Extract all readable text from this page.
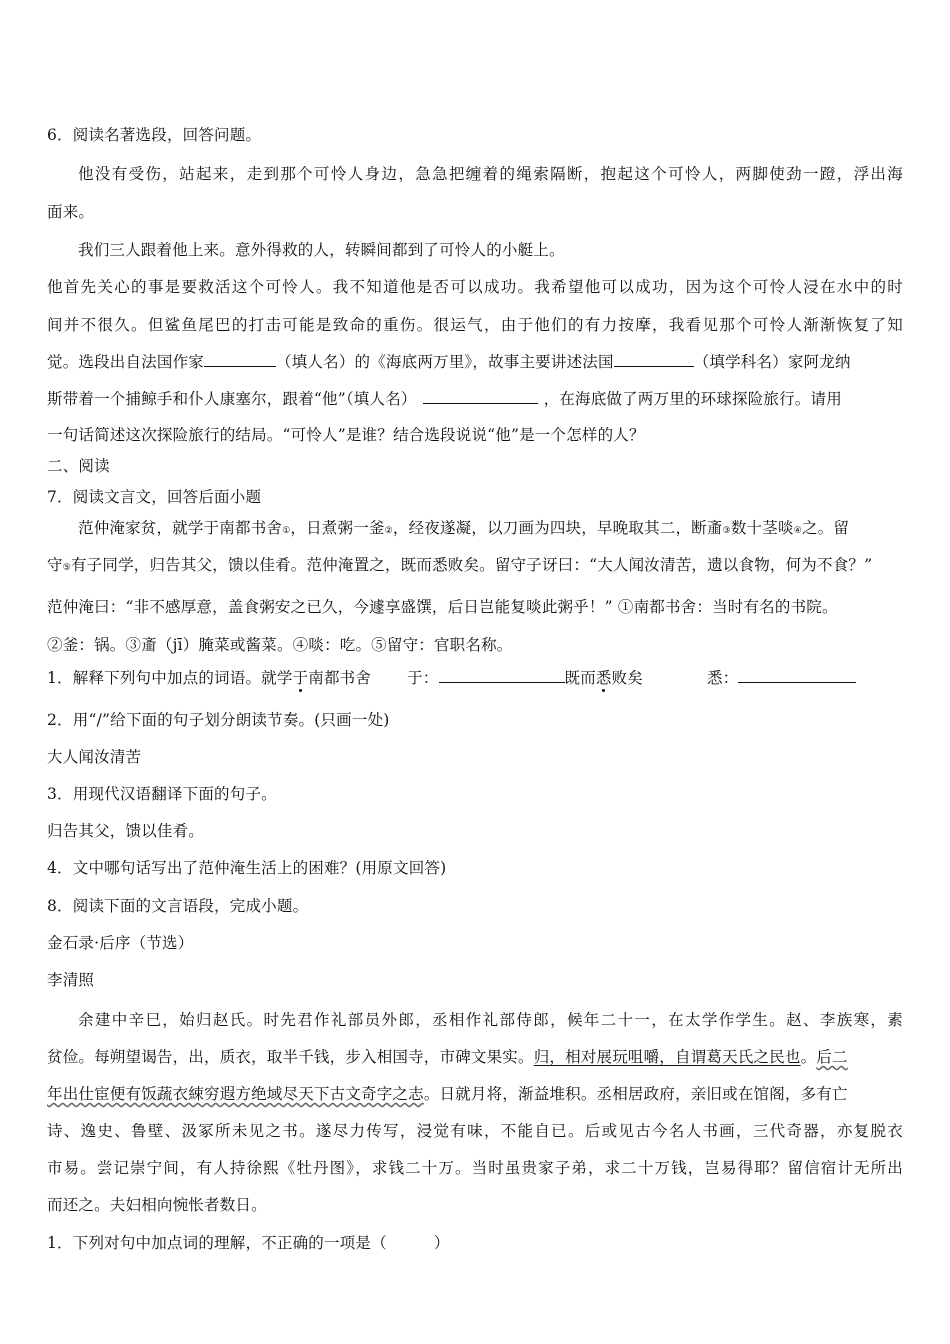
6．阅读名著选段，回答问题。
他没有受伤，站起来，走到那个可怜人身边，急急把缠着的绳索隔断，抱起这个可怜人，两脚使劲一蹬，浮出海
面来。
我们三人跟着他上来。意外得救的人，转瞬间都到了可怜人的小艇上。
他首先关心的事是要救活这个可怜人。我不知道他是否可以成功。我希望他可以成功，因为这个可怜人浸在水中的时
间并不很久。但鲨鱼尾巴的打击可能是致命的重伤。很运气，由于他们的有力按摩，我看见那个可怜人渐渐恢复了知
觉。选段出自法国作家	（填人名）的《海底两万里》，故事主要讲述法国	（填学科名）家阿龙纳
斯带着一个捕鲸手和仆人康塞尔，跟着“他”（填人名）	，在海底做了两万里的环球探险旅行。请用
一句话简述这次探险旅行的结局。“可怜人”是谁？结合选段说说“他”是一个怎样的人？
二、阅读
7．阅读文言文，回答后面小题
范仲淹家贫，就学于南都书舍①，日煮粥一釜②，经夜遂凝，以刀画为四块，早晚取其二，断齑③数十茎啖④之。留
守⑤有子同学，归告其父，馈以佳肴。范仲淹置之，既而悉败矣。留守子讶曰：“大人闻汝清苦，遗以食物，何为不食？”
范仲淹曰：“非不感厚意，盖食粥安之已久，今遽享盛馔，后日岂能复啖此粥乎！” ①南都书舍：当时有名的书院。
②釜：锅。③齑（jī）腌菜或酱菜。④啖：吃。⑤留守：官职名称。
1．解释下列句中加点的词语。就学于南都书舍 于：	既而悉败矣	悉：
2．用“/”给下面的句子划分朗读节奏。(只画一处)
大人闻汝清苦
3．用现代汉语翻译下面的句子。
归告其父，馈以佳肴。
4．文中哪句话写出了范仲淹生活上的困难？(用原文回答)
8．阅读下面的文言语段，完成小题。
金石录·后序（节选）
李清照
余建中辛巳，始归赵氏。时先君作礼部员外郎，丞相作礼部侍郎，候年二十一，在太学作学生。赵、李族寒，素
贫俭。每朔望谒告，出，质衣，取半千钱，步入相国寺，市碑文果实。归，相对展玩咀嚼，自谓葛天氏之民也。后二
年出仕宦便有饭蔬衣綀穷遐方绝域尽天下古文奇字之志。日就月将，渐益堆积。丞相居政府，亲旧或在馆阁，多有亡
诗、逸史、鲁壁、汲冢所未见之书。遂尽力传写，浸觉有味，不能自已。后或见古今名人书画，三代奇器，亦复脱衣
市易。尝记崇宁间，有人持徐熙《牡丹图》，求钱二十万。当时虽贵家子弟，求二十万钱，岂易得耶？留信宿计无所出
而还之。夫妇相向惋怅者数日。
1．下列对句中加点词的理解，不正确的一项是（　　　）
